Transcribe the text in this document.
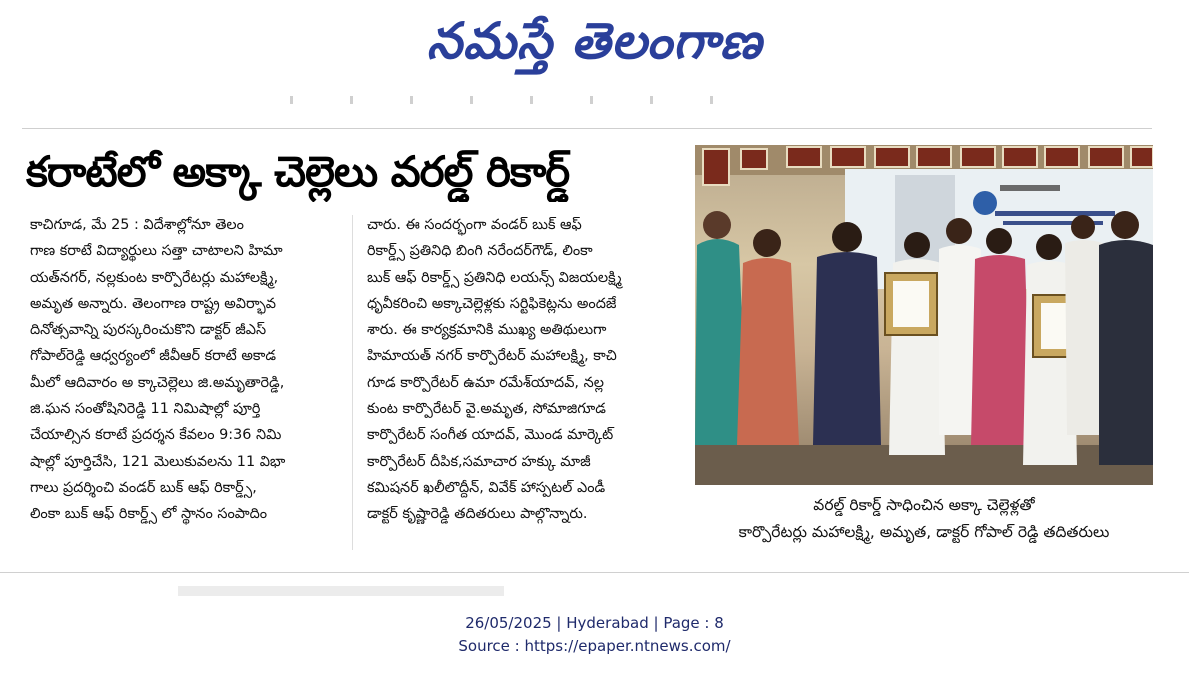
నమస్తే తెలంగాణ
కరాటేలో అక్కా చెల్లెలు వరల్డ్ రికార్డ్

కాచిగూడ, మే 25 : విదేశాల్లోనూ తెలం

గాణ కరాటే విద్యార్థులు సత్తా చాటాలని హిమా

యత్‌నగర్, నల్లకుంట కార్పొరేటర్లు మహాలక్ష్మి,

అమృత అన్నారు. తెలంగాణ రాష్ట్ర అవిర్భావ

దినోత్సవాన్ని పురస్కరించుకొని డాక్టర్ జీఎస్

గోపాల్‌రెడ్డి ఆధ్వర్యంలో జీవీఆర్ కరాటే అకాడ

మీలో ఆదివారం అ క్కాచెల్లెలు జి.అమృతారెడ్డి,

జి.ఘన సంతోషినిరెడ్డి 11 నిమిషాల్లో పూర్తి

చేయాల్సిన కరాటే ప్రదర్శన కేవలం 9:36 నిమి

షాల్లో పూర్తిచేసి, 121 మెలుకువలను 11 విభా

గాలు ప్రదర్శించి వండర్ బుక్ ఆఫ్ రికార్డ్స్,

లింకా బుక్ ఆఫ్ రికార్డ్స్ లో స్థానం సంపాదిం

చారు. ఈ సందర్భంగా వండర్ బుక్ ఆఫ్

రికార్డ్స్ ప్రతినిధి బింగి నరేందర్‌గౌడ్, లింకా

బుక్ ఆఫ్ రికార్డ్స్ ప్రతినిధి లయన్స్ విజయలక్ష్మి

ధృవీకరించి అక్కాచెల్లెళ్లకు సర్టిఫికెట్లను అందజే

శారు. ఈ కార్యక్రమానికి ముఖ్య అతిథులుగా

హిమాయత్ నగర్ కార్పొరేటర్ మహాలక్ష్మి, కాచి

గూడ కార్పొరేటర్ ఉమా రమేశ్‌యాదవ్, నల్ల

కుంట కార్పొరేటర్ వై.అమృత, సోమాజిగూడ

కార్పొరేటర్ సంగీత యాదవ్, మొండ మార్కెట్

కార్పొరేటర్ దీపిక,సమాచార హక్కు మాజీ

కమిషనర్ ఖలీలొద్దీన్, వివేక్ హాస్పటల్ ఎండీ

డాక్టర్ కృష్ణారెడ్డి తదితరులు పాల్గొన్నారు.

వరల్డ్ రికార్డ్ సాధించిన అక్కా చెల్లెళ్లతో
కార్పొరేటర్లు మహాలక్ష్మి, అమృత, డాక్టర్ గోపాల్ రెడ్డి తదితరులు
26/05/2025 | Hyderabad | Page : 8
Source : https://epaper.ntnews.com/
